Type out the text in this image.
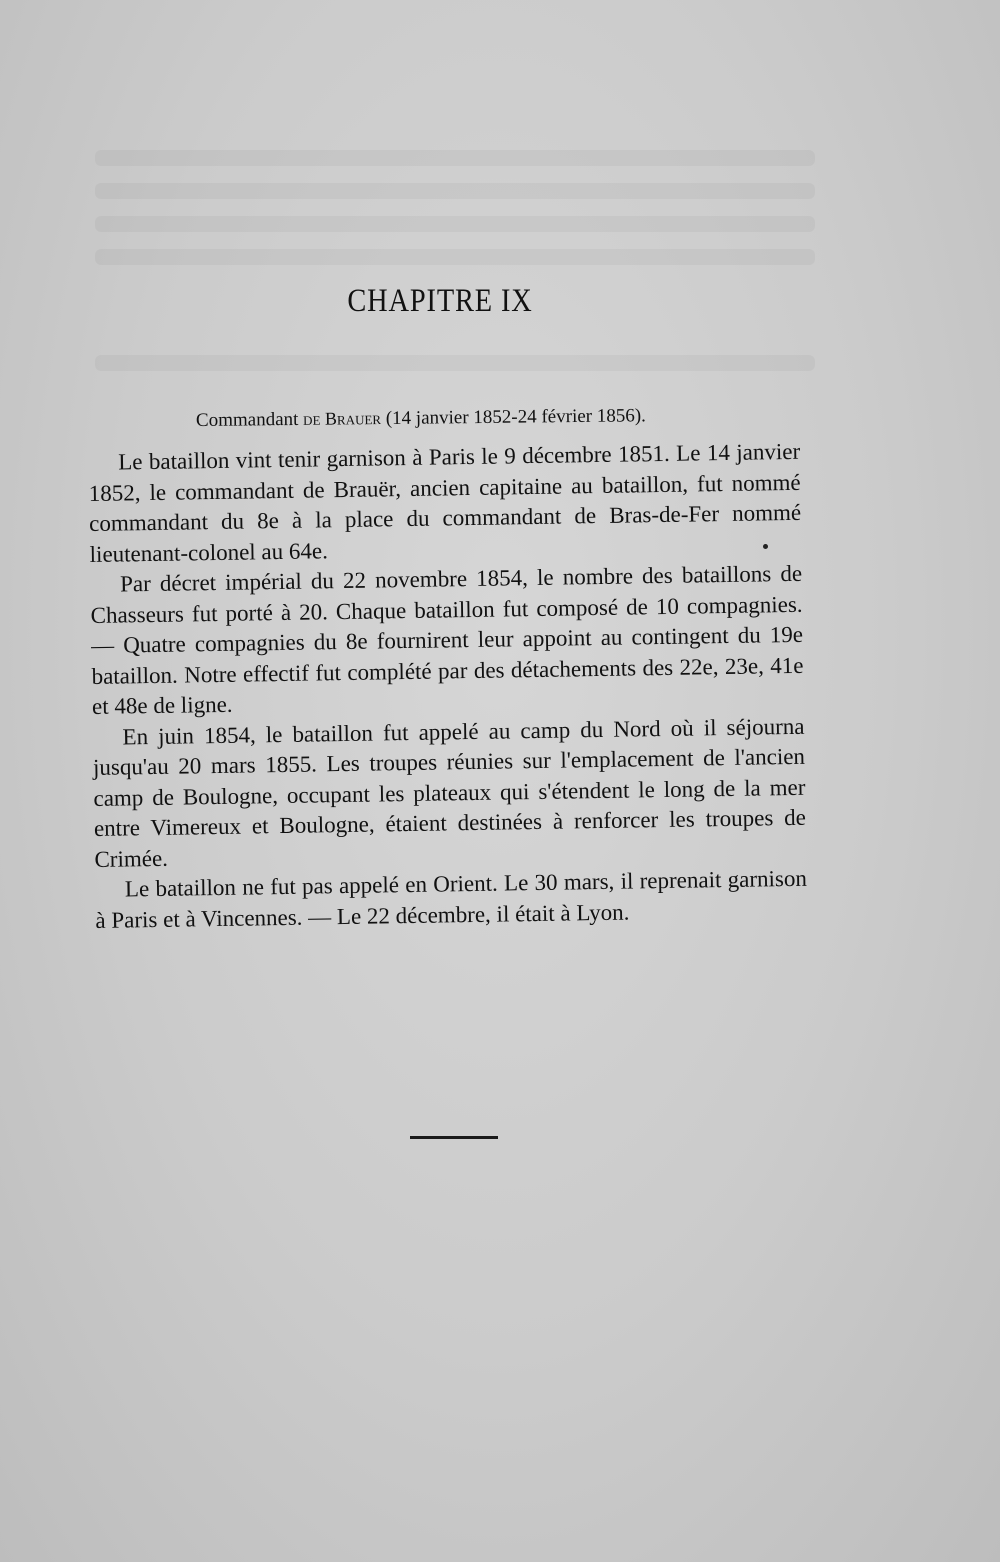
CHAPITRE IX
Commandant de Brauer (14 janvier 1852-24 février 1856).

Le bataillon vint tenir garnison à Paris le 9 décembre 1851. Le 14 janvier 1852, le commandant de Brauër, ancien capitaine au bataillon, fut nommé commandant du 8e à la place du commandant de Bras-de-Fer nommé lieutenant-colonel au 64e.

Par décret impérial du 22 novembre 1854, le nombre des bataillons de Chasseurs fut porté à 20. Chaque bataillon fut composé de 10 compagnies. — Quatre compagnies du 8e fournirent leur appoint au contingent du 19e bataillon. Notre effectif fut complété par des détachements des 22e, 23e, 41e et 48e de ligne.

En juin 1854, le bataillon fut appelé au camp du Nord où il séjourna jusqu'au 20 mars 1855. Les troupes réunies sur l'emplacement de l'ancien camp de Boulogne, occupant les plateaux qui s'étendent le long de la mer entre Vimereux et Boulogne, étaient destinées à renforcer les troupes de Crimée.

Le bataillon ne fut pas appelé en Orient. Le 30 mars, il reprenait garnison à Paris et à Vincennes. — Le 22 décembre, il était à Lyon.
